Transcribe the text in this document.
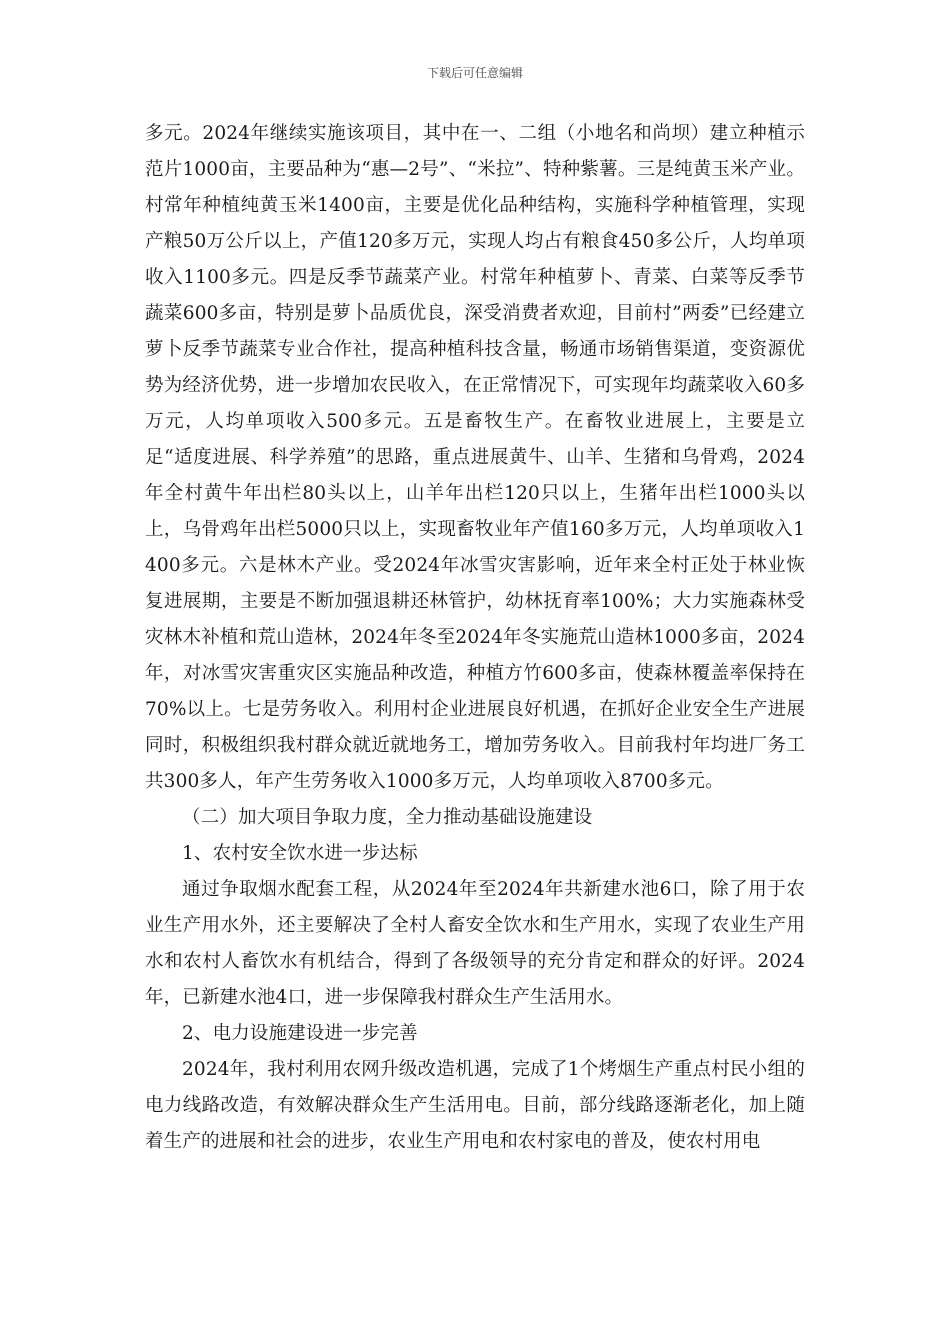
下载后可任意编辑

多元。2024年继续实施该项目，其中在一、二组（小地名和尚坝）建立种植示范片1000亩，主要品种为“惠—2号”、“米拉”、特种紫薯。三是纯黄玉米产业。村常年种植纯黄玉米1400亩，主要是优化品种结构，实施科学种植管理，实现产粮50万公斤以上，产值120多万元，实现人均占有粮食450多公斤，人均单项收入1100多元。四是反季节蔬菜产业。村常年种植萝卜、青菜、白菜等反季节蔬菜600多亩，特别是萝卜品质优良，深受消费者欢迎，目前村”两委”已经建立萝卜反季节蔬菜专业合作社，提高种植科技含量，畅通市场销售渠道，变资源优势为经济优势，进一步增加农民收入，在正常情况下，可实现年均蔬菜收入60多万元，人均单项收入500多元。五是畜牧生产。在畜牧业进展上，主要是立足“适度进展、科学养殖”的思路，重点进展黄牛、山羊、生猪和乌骨鸡，2024年全村黄牛年出栏80头以上，山羊年出栏120只以上，生猪年出栏1000头以上，乌骨鸡年出栏5000只以上，实现畜牧业年产值160多万元，人均单项收入1400多元。六是林木产业。受2024年冰雪灾害影响，近年来全村正处于林业恢复进展期，主要是不断加强退耕还林管护，幼林抚育率100%；大力实施森林受灾林木补植和荒山造林，2024年冬至2024年冬实施荒山造林1000多亩，2024年，对冰雪灾害重灾区实施品种改造，种植方竹600多亩，使森林覆盖率保持在70%以上。七是劳务收入。利用村企业进展良好机遇，在抓好企业安全生产进展同时，积极组织我村群众就近就地务工，增加劳务收入。目前我村年均进厂务工共300多人，年产生劳务收入1000多万元，人均单项收入8700多元。

（二）加大项目争取力度，全力推动基础设施建设

1、农村安全饮水进一步达标

通过争取烟水配套工程，从2024年至2024年共新建水池6口，除了用于农业生产用水外，还主要解决了全村人畜安全饮水和生产用水，实现了农业生产用水和农村人畜饮水有机结合，得到了各级领导的充分肯定和群众的好评。2024年，已新建水池4口，进一步保障我村群众生产生活用水。

2、电力设施建设进一步完善

2024年，我村利用农网升级改造机遇，完成了1个烤烟生产重点村民小组的电力线路改造，有效解决群众生产生活用电。目前，部分线路逐渐老化，加上随着生产的进展和社会的进步，农业生产用电和农村家电的普及，使农村用电
